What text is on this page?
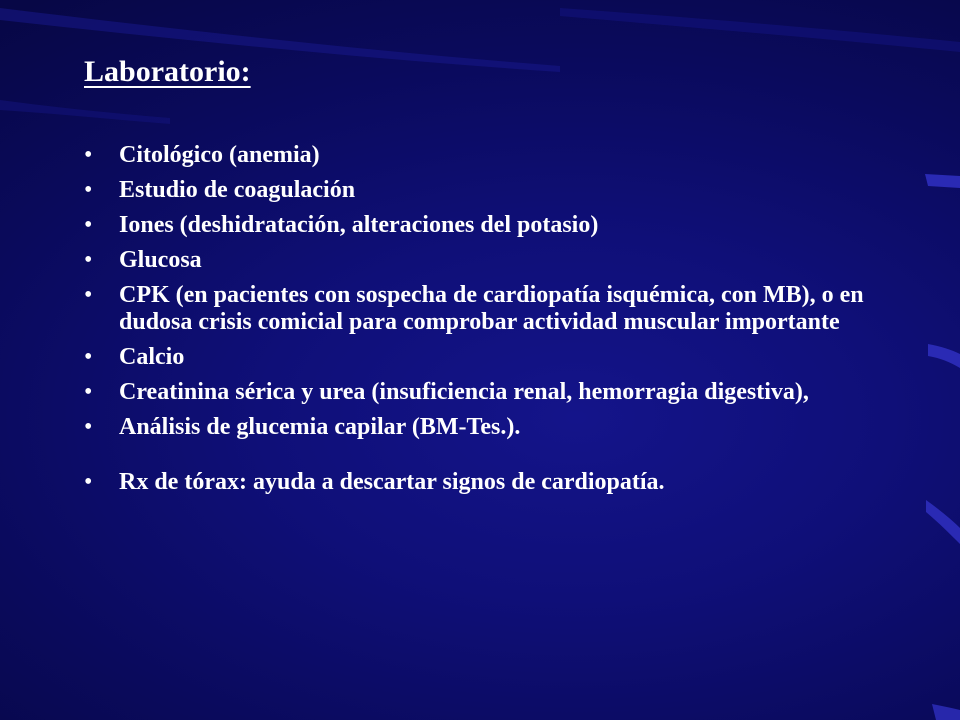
Laboratorio:
• Citológico (anemia)
• Estudio de coagulación
• Iones (deshidratación, alteraciones del potasio)
• Glucosa
• CPK (en pacientes con sospecha de cardiopatía isquémica, con MB), o en dudosa crisis comicial para comprobar actividad muscular importante
• Calcio
• Creatinina sérica y urea (insuficiencia renal, hemorragia digestiva),
• Análisis de glucemia capilar (BM-Tes.).
• Rx de tórax: ayuda a descartar signos de cardiopatía.
